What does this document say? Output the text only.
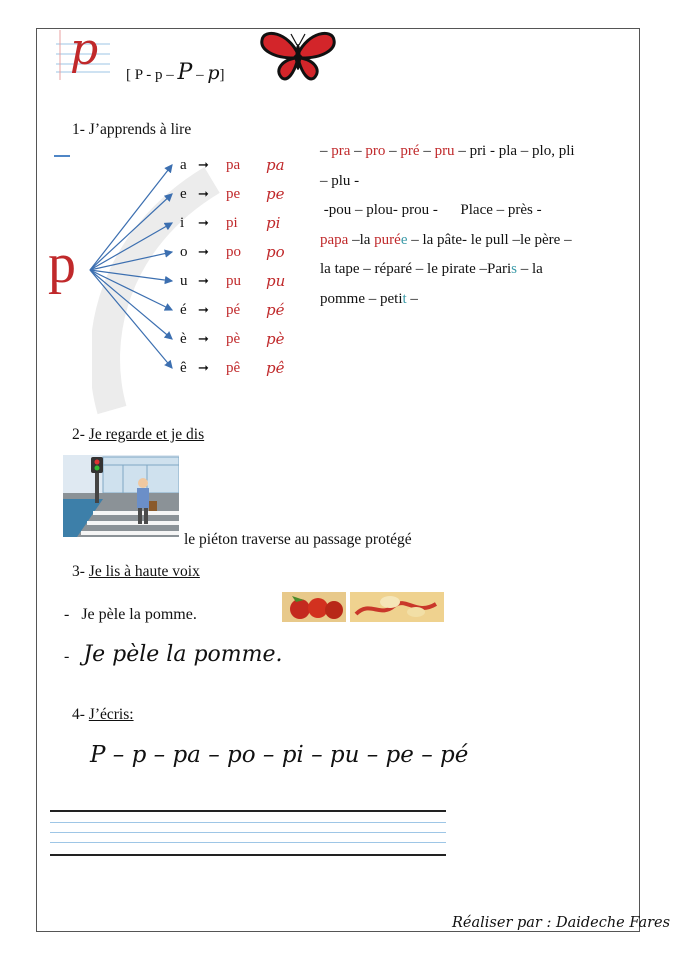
p [ P - p – P – p]
1- J’apprends à lire
p
a ➞	pa	pa
e ➞	pe	pe
i	➞	pi	pi
o ➞	po	po
u ➞	pu	pu
é ➞	pé	pé
è ➞	pè	pè
ê ➞	pê	pê
– pra – pro – pré – pru – pri - pla – plo, pli
– plu -
-pou – plou- prou -      Place – près -
papa –la purée – la pâte- le pull –le père –
la tape – réparé – le pirate –Paris – la
pomme – petit –
2- Je regarde et je dis
le piéton traverse au passage protégé
3- Je lis à haute voix
- Je pèle la pomme.
- Je pèle la pomme.
4- J’écris:
P – p – pa – po – pi – pu – pe – pé
Réaliser par : Daideche Fares
